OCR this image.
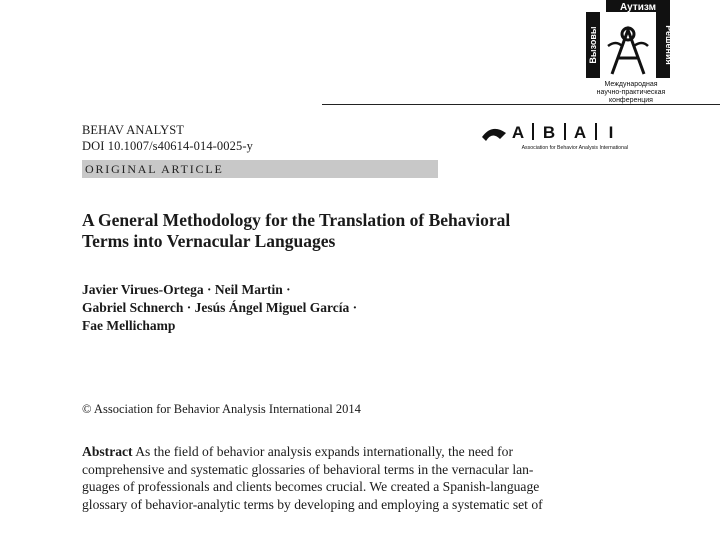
Аутизм
Вызовы	Решения
Международная
научно-практическая
конференция
BEHAV ANALYST
DOI 10.1007/s40614-014-0025-y
A B A I
Association for Behavior Analysis International
ORIGINAL ARTICLE
A General Methodology for the Translation of Behavioral
Terms into Vernacular Languages
Javier Virues-Ortega · Neil Martin ·
Gabriel Schnerch · Jesús Ángel Miguel García ·
Fae Mellichamp
© Association for Behavior Analysis International 2014
Abstract As the field of behavior analysis expands internationally, the need for
comprehensive and systematic glossaries of behavioral terms in the vernacular lan-
guages of professionals and clients becomes crucial. We created a Spanish-language
glossary of behavior-analytic terms by developing and employing a systematic set of
